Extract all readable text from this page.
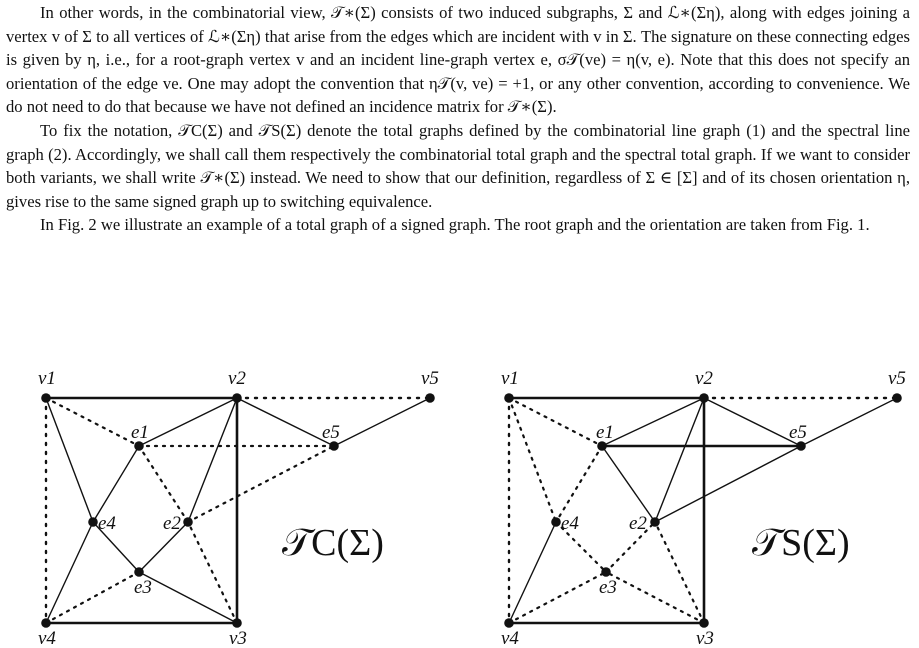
In other words, in the combinatorial view, 𝒯∗(Σ) consists of two induced subgraphs, Σ and ℒ∗(Ση), along with edges joining a vertex v of Σ to all vertices of ℒ∗(Ση) that arise from the edges which are incident with v in Σ. The signature on these connecting edges is given by η, i.e., for a root-graph vertex v and an incident line-graph vertex e, σ𝒯(ve) = η(v, e). Note that this does not specify an orientation of the edge ve. One may adopt the convention that η𝒯(v, ve) = +1, or any other convention, according to convenience. We do not need to do that because we have not defined an incidence matrix for 𝒯∗(Σ).

To fix the notation, 𝒯C(Σ) and 𝒯S(Σ) denote the total graphs defined by the combinatorial line graph (1) and the spectral line graph (2). Accordingly, we shall call them respectively the combinatorial total graph and the spectral total graph. If we want to consider both variants, we shall write 𝒯∗(Σ) instead. We need to show that our definition, regardless of Σ ∈ [Σ] and of its chosen orientation η, gives rise to the same signed graph up to switching equivalence.

In Fig. 2 we illustrate an example of a total graph of a signed graph. The root graph and the orientation are taken from Fig. 1.

v1	v2
v3
v4
v5
e1
e2
e3
e4
e5
𝒯C(Σ)
v1	v2
v3
v4
v5
e1
e2
e3
e4
e5
𝒯S(Σ)
